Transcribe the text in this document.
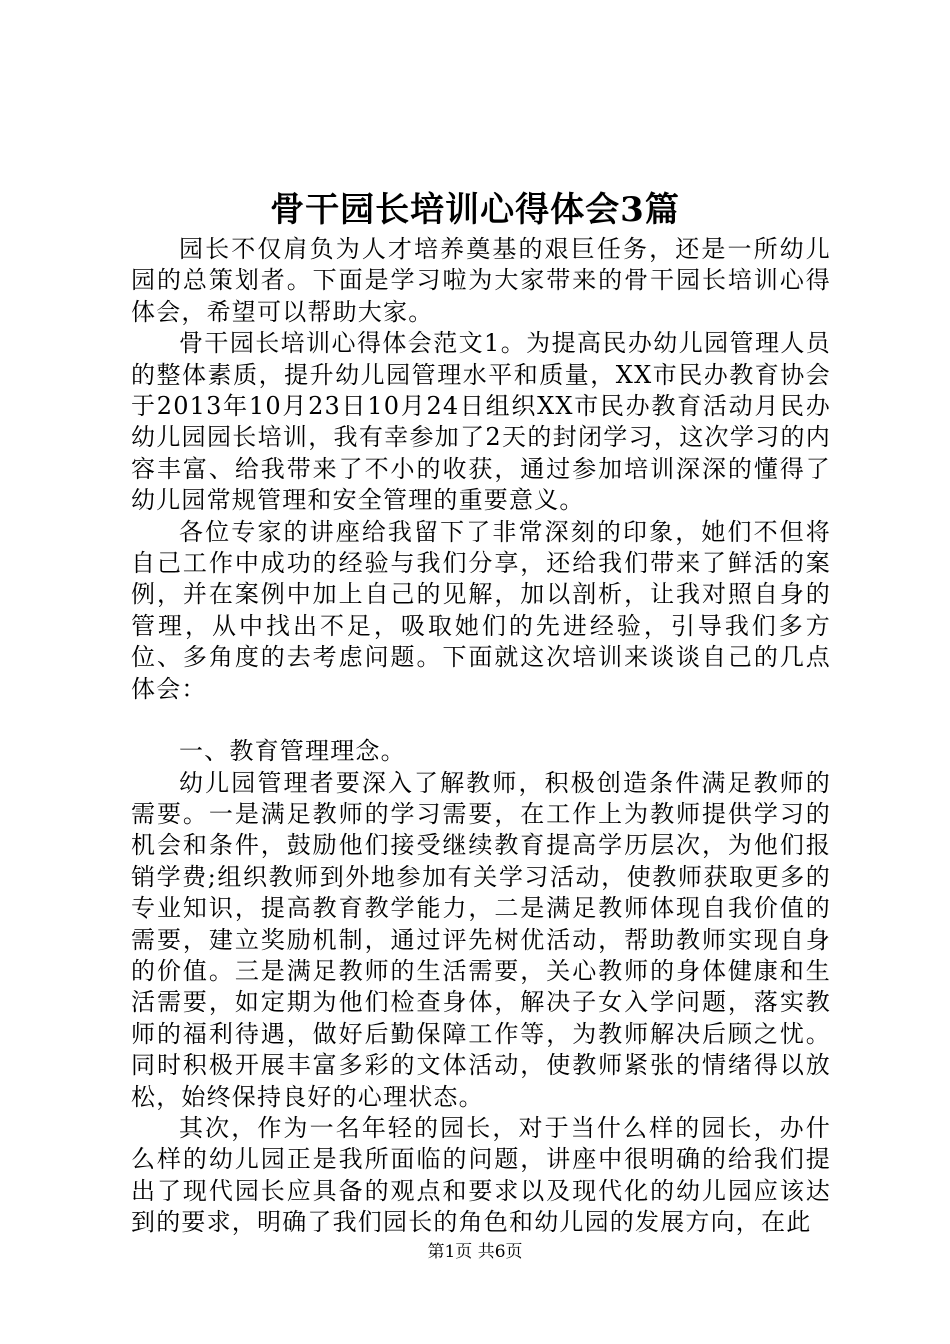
骨干园长培训心得体会3篇

园长不仅肩负为人才培养奠基的艰巨任务，还是一所幼儿园的总策划者。下面是学习啦为大家带来的骨干园长培训心得体会，希望可以帮助大家。

骨干园长培训心得体会范文1。为提高民办幼儿园管理人员的整体素质，提升幼儿园管理水平和质量，XX市民办教育协会于2013年10月23日10月24日组织XX市民办教育活动月民办幼儿园园长培训，我有幸参加了2天的封闭学习，这次学习的内容丰富、给我带来了不小的收获，通过参加培训深深的懂得了幼儿园常规管理和安全管理的重要意义。

各位专家的讲座给我留下了非常深刻的印象，她们不但将自己工作中成功的经验与我们分享，还给我们带来了鲜活的案例，并在案例中加上自己的见解，加以剖析，让我对照自身的管理，从中找出不足，吸取她们的先进经验，引导我们多方位、多角度的去考虑问题。下面就这次培训来谈谈自己的几点体会：

一、教育管理理念。

幼儿园管理者要深入了解教师，积极创造条件满足教师的需要。一是满足教师的学习需要，在工作上为教师提供学习的机会和条件，鼓励他们接受继续教育提高学历层次，为他们报销学费;组织教师到外地参加有关学习活动，使教师获取更多的专业知识，提高教育教学能力，二是满足教师体现自我价值的需要，建立奖励机制，通过评先树优活动，帮助教师实现自身的价值。三是满足教师的生活需要，关心教师的身体健康和生活需要，如定期为他们检查身体，解决子女入学问题，落实教师的福利待遇，做好后勤保障工作等，为教师解决后顾之忧。同时积极开展丰富多彩的文体活动，使教师紧张的情绪得以放松，始终保持良好的心理状态。

其次，作为一名年轻的园长，对于当什么样的园长，办什么样的幼儿园正是我所面临的问题，讲座中很明确的给我们提出了现代园长应具备的观点和要求以及现代化的幼儿园应该达到的要求，明确了我们园长的角色和幼儿园的发展方向，在此

第1页 共6页
